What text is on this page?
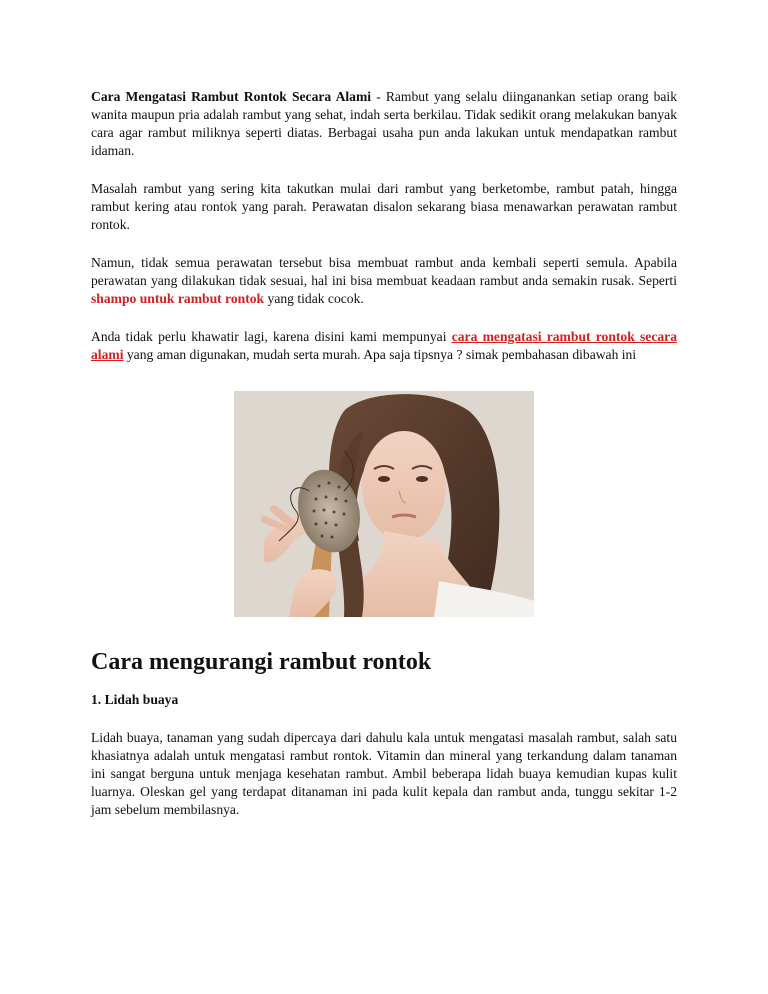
Cara Mengatasi Rambut Rontok Secara Alami - Rambut yang selalu diinganankan setiap orang baik wanita maupun pria adalah rambut yang sehat, indah serta berkilau. Tidak sedikit orang melakukan banyak cara agar rambut miliknya seperti diatas. Berbagai usaha pun anda lakukan untuk mendapatkan rambut idaman.

Masalah rambut yang sering kita takutkan mulai dari rambut yang berketombe, rambut patah, hingga rambut kering atau rontok yang parah. Perawatan disalon sekarang biasa menawarkan perawatan rambut rontok.

Namun, tidak semua perawatan tersebut bisa membuat rambut anda kembali seperti semula. Apabila perawatan yang dilakukan tidak sesuai, hal ini bisa membuat keadaan rambut anda semakin rusak. Seperti shampo untuk rambut rontok yang tidak cocok.

Anda tidak perlu khawatir lagi, karena disini kami mempunyai cara mengatasi rambut rontok secara alami yang aman digunakan, mudah serta murah. Apa saja tipsnya ? simak pembahasan dibawah ini

Cara mengurangi rambut rontok
1. Lidah buaya

Lidah buaya, tanaman yang sudah dipercaya dari dahulu kala untuk mengatasi masalah rambut, salah satu khasiatnya adalah untuk mengatasi rambut rontok. Vitamin dan mineral yang terkandung dalam tanaman ini sangat berguna untuk menjaga kesehatan rambut. Ambil beberapa lidah buaya kemudian kupas kulit luarnya. Oleskan gel yang terdapat ditanaman ini pada kulit kepala dan rambut anda, tunggu sekitar 1-2 jam sebelum membilasnya.
